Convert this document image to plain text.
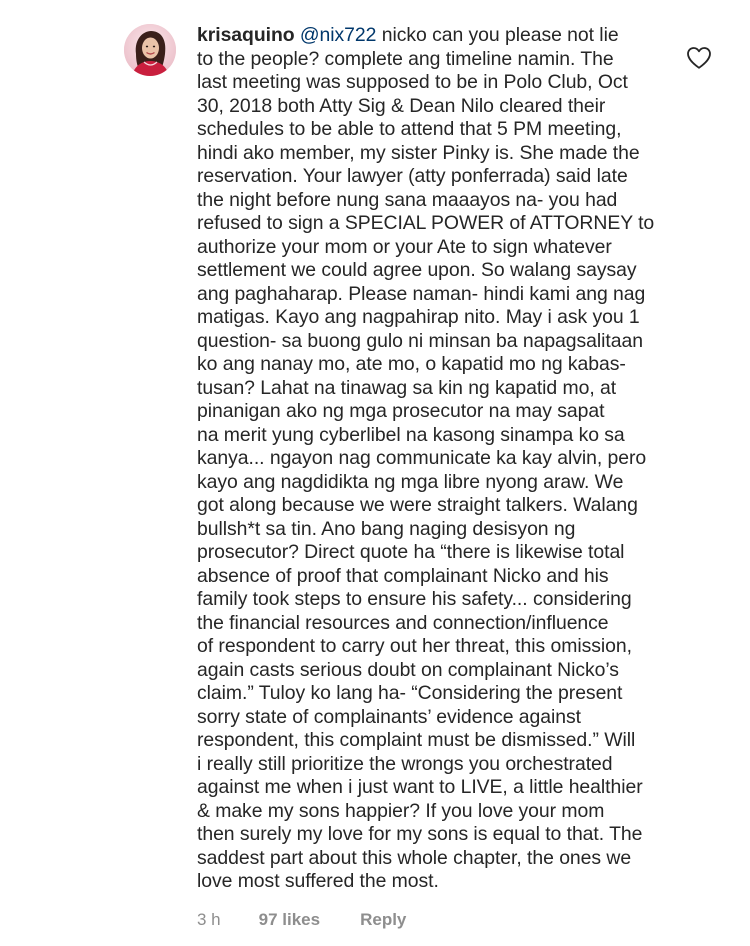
krisaquino @nix722 nicko can you please not lie
to the people? complete ang timeline namin. The
last meeting was supposed to be in Polo Club, Oct
30, 2018 both Atty Sig & Dean Nilo cleared their
schedules to be able to attend that 5 PM meeting,
hindi ako member, my sister Pinky is. She made the
reservation. Your lawyer (atty ponferrada) said late
the night before nung sana maaayos na- you had
refused to sign a SPECIAL POWER of ATTORNEY to
authorize your mom or your Ate to sign whatever
settlement we could agree upon. So walang saysay
ang paghaharap. Please naman- hindi kami ang nag
matigas. Kayo ang nagpahirap nito. May i ask you 1
question- sa buong gulo ni minsan ba napagsalitaan
ko ang nanay mo, ate mo, o kapatid mo ng kabas-
tusan? Lahat na tinawag sa kin ng kapatid mo, at
pinanigan ako ng mga prosecutor na may sapat
na merit yung cyberlibel na kasong sinampa ko sa
kanya... ngayon nag communicate ka kay alvin, pero
kayo ang nagdidikta ng mga libre nyong araw. We
got along because we were straight talkers. Walang
bullsh*t sa tin. Ano bang naging desisyon ng
prosecutor? Direct quote ha “there is likewise total
absence of proof that complainant Nicko and his
family took steps to ensure his safety... considering
the financial resources and connection/influence
of respondent to carry out her threat, this omission,
again casts serious doubt on complainant Nicko’s
claim.” Tuloy ko lang ha- “Considering the present
sorry state of complainants’ evidence against
respondent, this complaint must be dismissed.” Will
i really still prioritize the wrongs you orchestrated
against me when i just want to LIVE, a little healthier
& make my sons happier? If you love your mom
then surely my love for my sons is equal to that. The
saddest part about this whole chapter, the ones we
love most suffered the most.
3 h 97 likes Reply
